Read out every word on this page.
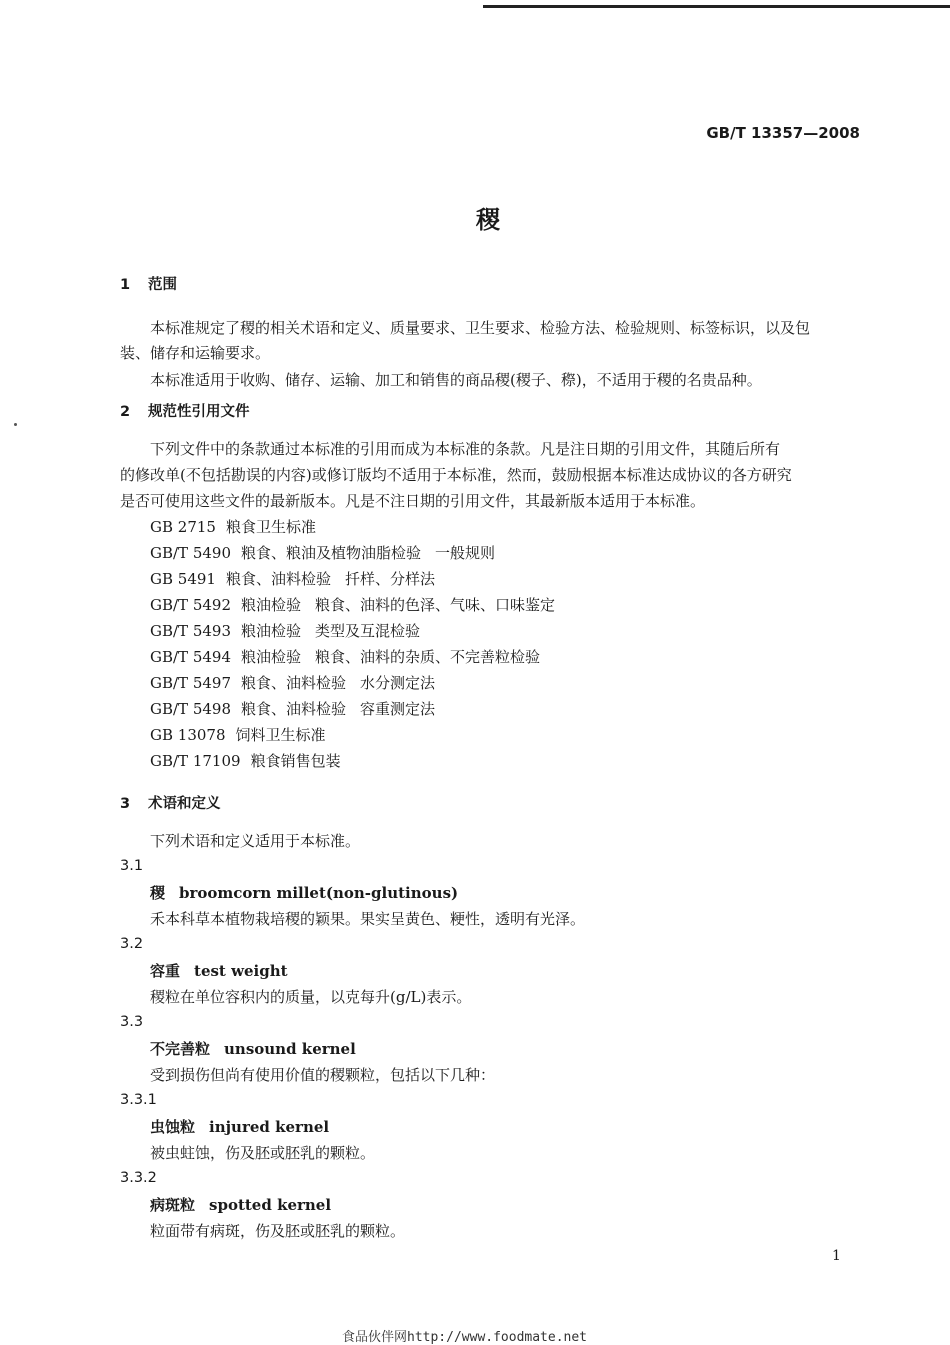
GB/T 13357—2008
稷
1 范围
本标准规定了稷的相关术语和定义、质量要求、卫生要求、检验方法、检验规则、标签标识，以及包
装、储存和运输要求。
本标准适用于收购、储存、运输、加工和销售的商品稷(稷子、穄)，不适用于稷的名贵品种。
2 规范性引用文件
下列文件中的条款通过本标准的引用而成为本标准的条款。凡是注日期的引用文件，其随后所有
的修改单(不包括勘误的内容)或修订版均不适用于本标准，然而，鼓励根据本标准达成协议的各方研究
是否可使用这些文件的最新版本。凡是不注日期的引用文件，其最新版本适用于本标准。
GB 2715 粮食卫生标准
GB/T 5490 粮食、粮油及植物油脂检验 一般规则
GB 5491 粮食、油料检验 扦样、分样法
GB/T 5492 粮油检验 粮食、油料的色泽、气味、口味鉴定
GB/T 5493 粮油检验 类型及互混检验
GB/T 5494 粮油检验 粮食、油料的杂质、不完善粒检验
GB/T 5497 粮食、油料检验 水分测定法
GB/T 5498 粮食、油料检验 容重测定法
GB 13078 饲料卫生标准
GB/T 17109 粮食销售包装
3 术语和定义
下列术语和定义适用于本标准。
3.1
稷 broomcorn millet(non-glutinous)
禾本科草本植物栽培稷的颖果。果实呈黄色、粳性，透明有光泽。
3.2
容重 test weight
稷粒在单位容积内的质量，以克每升(g/L)表示。
3.3
不完善粒 unsound kernel
受到损伤但尚有使用价值的稷颗粒，包括以下几种：
3.3.1
虫蚀粒 injured kernel
被虫蛀蚀，伤及胚或胚乳的颗粒。
3.3.2
病斑粒 spotted kernel
粒面带有病斑，伤及胚或胚乳的颗粒。
1
食品伙伴网http://www.foodmate.net
